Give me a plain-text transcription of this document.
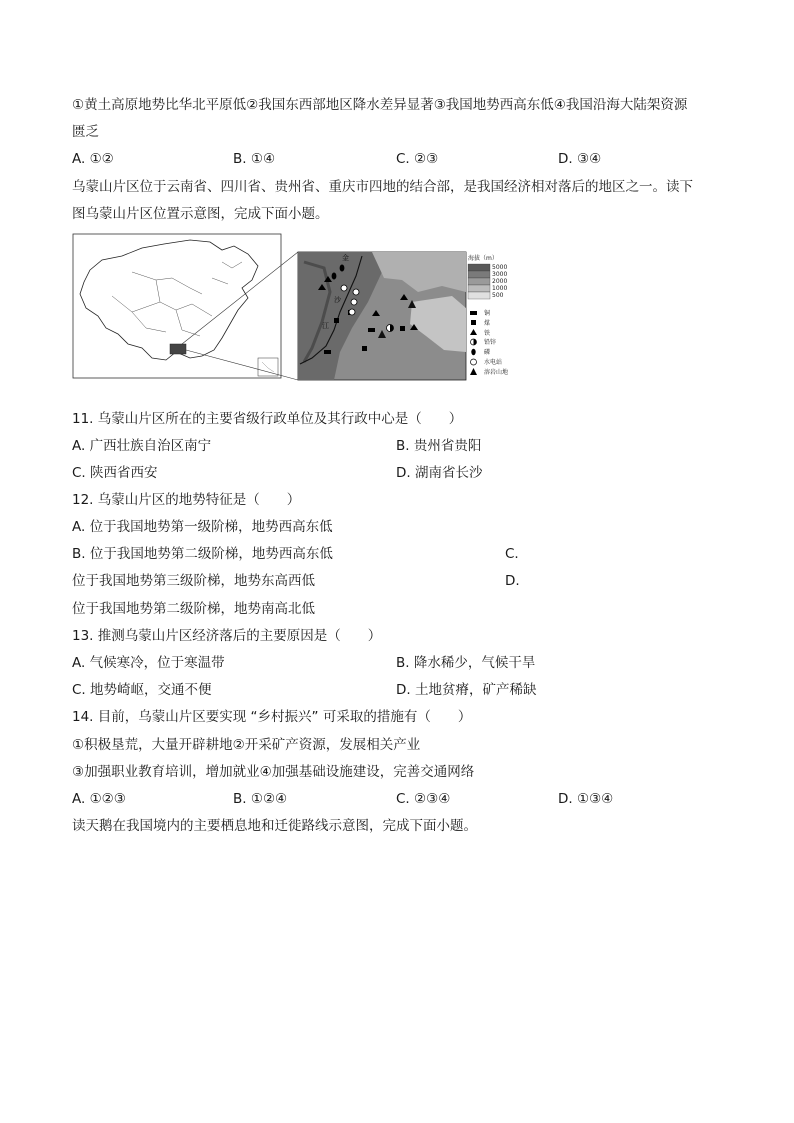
①黄土高原地势比华北平原低②我国东西部地区降水差异显著③我国地势西高东低④我国沿海大陆架资源
匮乏
A. ①②	B. ①④	C. ②③	D. ③④
乌蒙山片区位于云南省、四川省、贵州省、重庆市四地的结合部，是我国经济相对落后的地区之一。读下
图乌蒙山片区位置示意图，完成下面小题。
金
沙
江
海拔（m）
5000
3000
2000
1000
500
铜
煤
铁
铅锌
磷
水电站
溶岩山地
11. 乌蒙山片区所在的主要省级行政单位及其行政中心是（　　）
A. 广西壮族自治区南宁	B. 贵州省贵阳
C. 陕西省西安	D. 湖南省长沙
12. 乌蒙山片区的地势特征是（　　）
A. 位于我国地势第一级阶梯，地势西高东低
B. 位于我国地势第二级阶梯，地势西高东低	C.
位于我国地势第三级阶梯，地势东高西低	D.
位于我国地势第二级阶梯，地势南高北低
13. 推测乌蒙山片区经济落后的主要原因是（　　）
A. 气候寒冷，位于寒温带	B. 降水稀少，气候干旱
C. 地势崎岖，交通不便	D. 土地贫瘠，矿产稀缺
14. 目前，乌蒙山片区要实现 “乡村振兴” 可采取的措施有（　　）
①积极垦荒，大量开辟耕地②开采矿产资源，发展相关产业
③加强职业教育培训，增加就业④加强基础设施建设，完善交通网络
A. ①②③	B. ①②④	C. ②③④	D. ①③④
读天鹅在我国境内的主要栖息地和迁徙路线示意图，完成下面小题。
